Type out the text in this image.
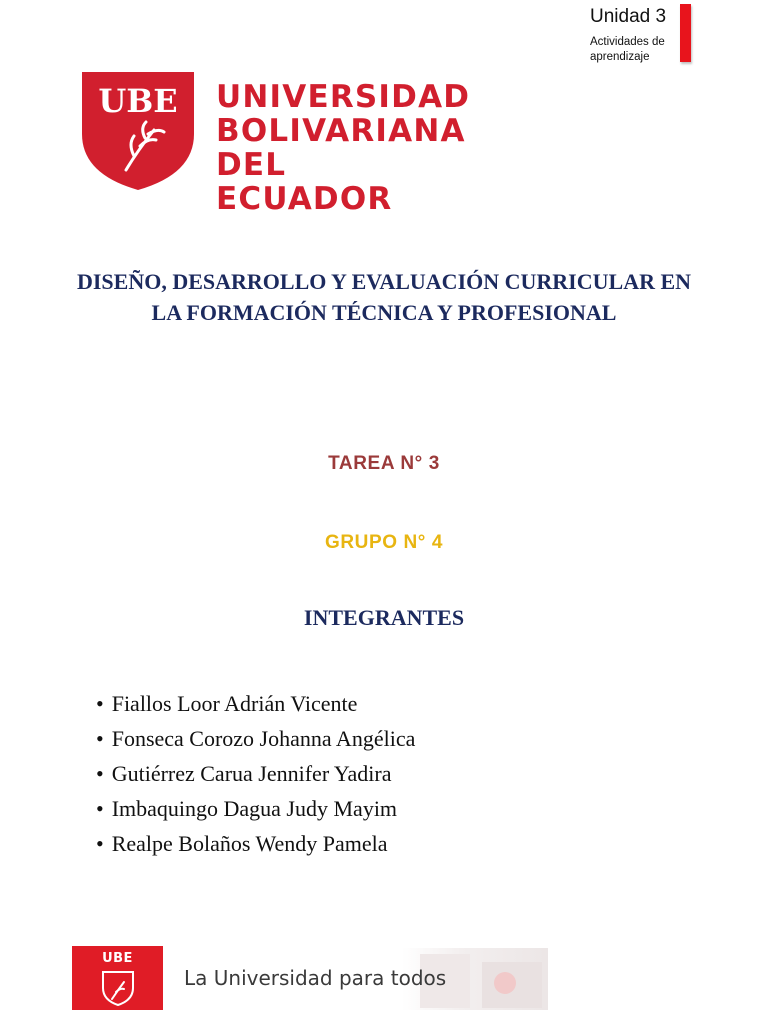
Unidad 3
Actividades de aprendizaje
UBE UNIVERSIDAD
BOLIVARIANA
DEL ECUADOR
DISEÑO, DESARROLLO Y EVALUACIÓN CURRICULAR EN LA FORMACIÓN TÉCNICA Y PROFESIONAL
TAREA N° 3
GRUPO N° 4
INTEGRANTES
• Fiallos Loor Adrián Vicente
• Fonseca Corozo Johanna Angélica
• Gutiérrez Carua Jennifer Yadira
• Imbaquingo Dagua Judy Mayim
• Realpe Bolaños Wendy Pamela
UBE
La Universidad para todos
